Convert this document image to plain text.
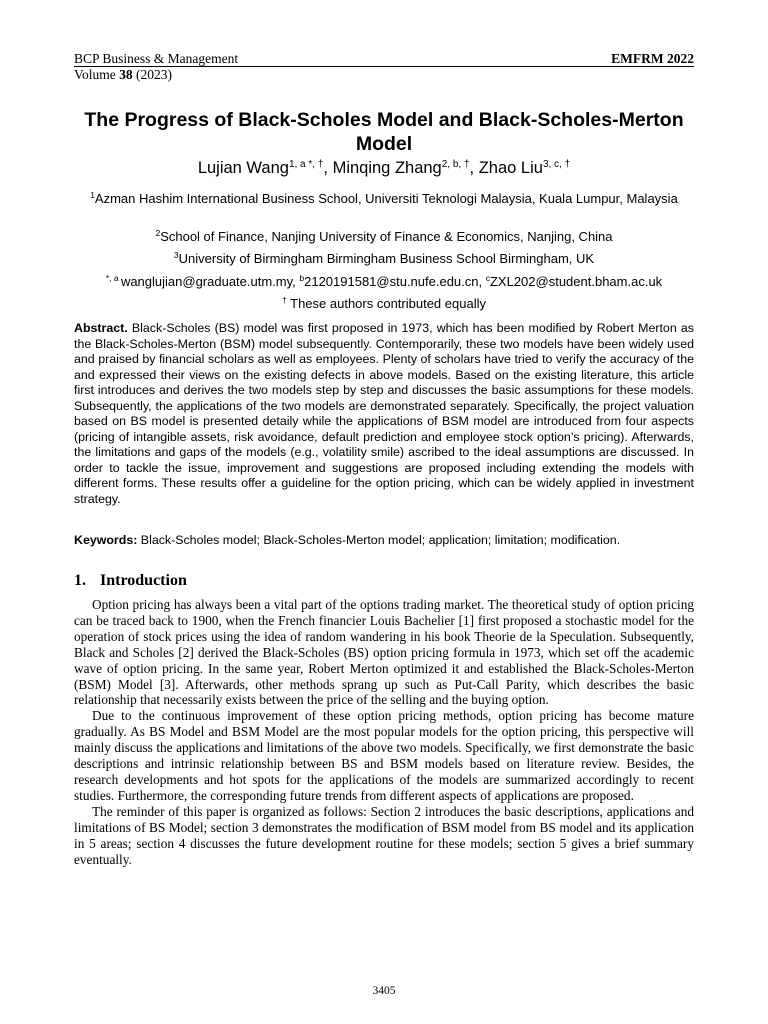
BCP Business & Management	EMFRM 2022
Volume 38 (2023)
The Progress of Black-Scholes Model and Black-Scholes-Merton Model
Lujian Wang$^{1, a *, \dagger}$, Minqing Zhang$^{2, b, \dagger}$, Zhao Liu$^{3, c, \dagger}$
$^1$Azman Hashim International Business School, Universiti Teknologi Malaysia, Kuala Lumpur, Malaysia
$^2$School of Finance, Nanjing University of Finance & Economics, Nanjing, China
$^3$University of Birmingham Birmingham Business School Birmingham, UK
$^{*, a}$ wanglujian@graduate.utm.my, $^b$2120191581@stu.nufe.edu.cn, $^c$ZXL202@student.bham.ac.uk
† These authors contributed equally
Abstract. Black-Scholes (BS) model was first proposed in 1973, which has been modified by Robert Merton as the Black-Scholes-Merton (BSM) model subsequently. Contemporarily, these two models have been widely used and praised by financial scholars as well as employees. Plenty of scholars have tried to verify the accuracy of the and expressed their views on the existing defects in above models. Based on the existing literature, this article first introduces and derives the two models step by step and discusses the basic assumptions for these models. Subsequently, the applications of the two models are demonstrated separately. Specifically, the project valuation based on BS model is presented detaily while the applications of BSM model are introduced from four aspects (pricing of intangible assets, risk avoidance, default prediction and employee stock option’s pricing). Afterwards, the limitations and gaps of the models (e.g., volatility smile) ascribed to the ideal assumptions are discussed. In order to tackle the issue, improvement and suggestions are proposed including extending the models with different forms. These results offer a guideline for the option pricing, which can be widely applied in investment strategy.
Keywords: Black-Scholes model; Black-Scholes-Merton model; application; limitation; modification.
1. Introduction

Option pricing has always been a vital part of the options trading market. The theoretical study of option pricing can be traced back to 1900, when the French financier Louis Bachelier [1] first proposed a stochastic model for the operation of stock prices using the idea of random wandering in his book Theorie de la Speculation. Subsequently, Black and Scholes [2] derived the Black-Scholes (BS) option pricing formula in 1973, which set off the academic wave of option pricing. In the same year, Robert Merton optimized it and established the Black-Scholes-Merton (BSM) Model [3]. Afterwards, other methods sprang up such as Put-Call Parity, which describes the basic relationship that necessarily exists between the price of the selling and the buying option.

Due to the continuous improvement of these option pricing methods, option pricing has become mature gradually. As BS Model and BSM Model are the most popular models for the option pricing, this perspective will mainly discuss the applications and limitations of the above two models. Specifically, we first demonstrate the basic descriptions and intrinsic relationship between BS and BSM models based on literature review. Besides, the research developments and hot spots for the applications of the models are summarized accordingly to recent studies. Furthermore, the corresponding future trends from different aspects of applications are proposed.

The reminder of this paper is organized as follows: Section 2 introduces the basic descriptions, applications and limitations of BS Model; section 3 demonstrates the modification of BSM model from BS model and its application in 5 areas; section 4 discusses the future development routine for these models; section 5 gives a brief summary eventually.

3405
